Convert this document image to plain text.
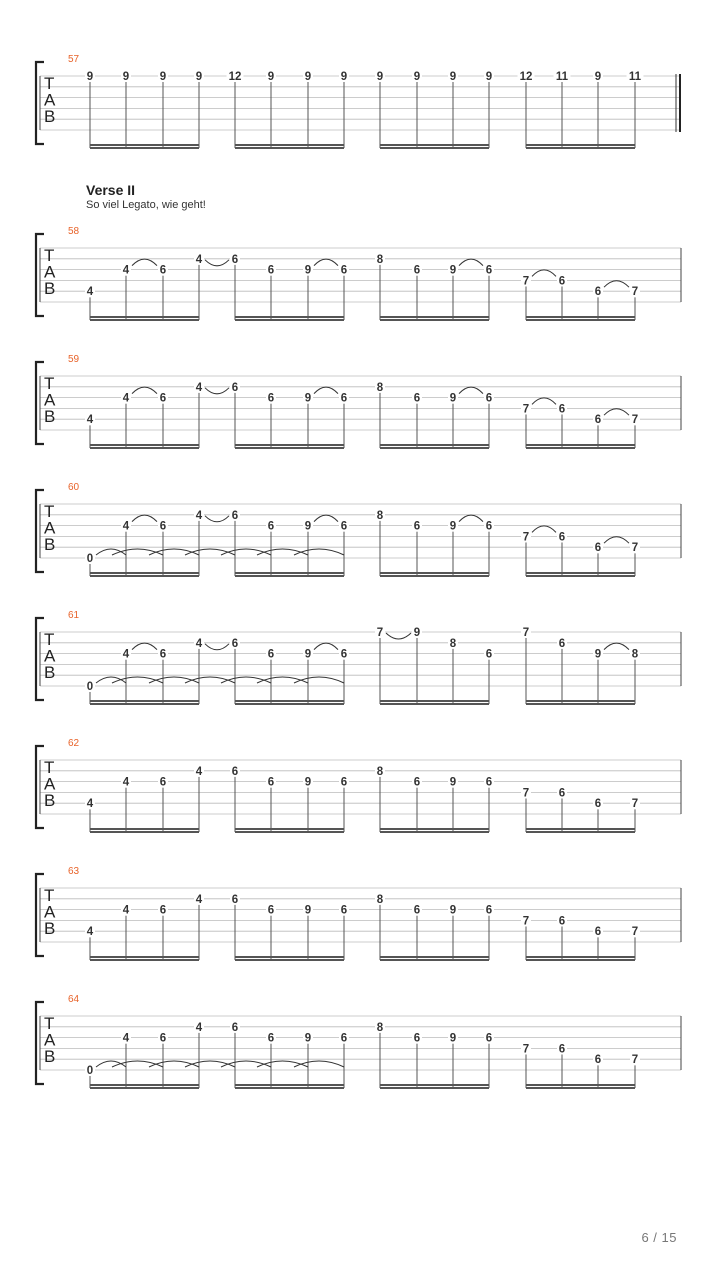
Verse II
So viel Legato, wie geht!
57
T
A
B
9	9	9	9 12 9	9	9	9	9	9	9 12 11 9 11
58
T
A
B	4
4	6
4	6
6	9	6
8
6	9	6
7	6
6	7
59
T
A
B	4
4	6
4	6
6	9	6
8
6	9	6
7	6
6	7
60
T
A
B
0
4	6
4	6
6	9	6
8
6	9	6
7	6
6	7
61
T
A
B
0
4	6
4	6
6	9	6
7	9
8
6
7
6
9	8
62
T
A
B	4
4	6
4	6
6	9	6
8
6	9	6
7	6
6	7
63
T
A
B	4
4	6
4	6
6	9	6
8
6	9	6
7	6
6	7
64
T
A
B
0
4	6
4	6
6	9	6
8
6	9	6
7	6
6	7
6 / 15
